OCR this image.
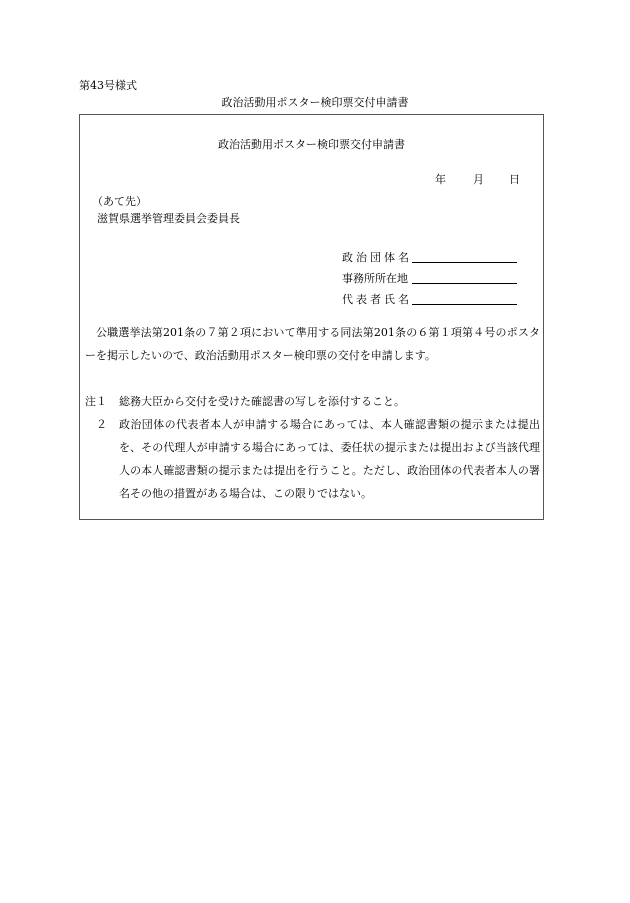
第43号様式
政治活動用ポスター検印票交付申請書
政治活動用ポスター検印票交付申請書
年 月 日
（あて先）
滋賀県選挙管理委員会委員長
政治団体名
事務所所在地
代表者氏名

公職選挙法第201条の７第２項において準用する同法第201条の６第１項第４号のポスターを掲示したいので、政治活動用ポスター検印票の交付を申請します。

注１	総務大臣から交付を受けた確認書の写しを添付すること。
２	政治団体の代表者本人が申請する場合にあっては、本人確認書類の提示または提出を、その代理人が申請する場合にあっては、委任状の提示または提出および当該代理人の本人確認書類の提示または提出を行うこと。ただし、政治団体の代表者本人の署名その他の措置がある場合は、この限りではない。
